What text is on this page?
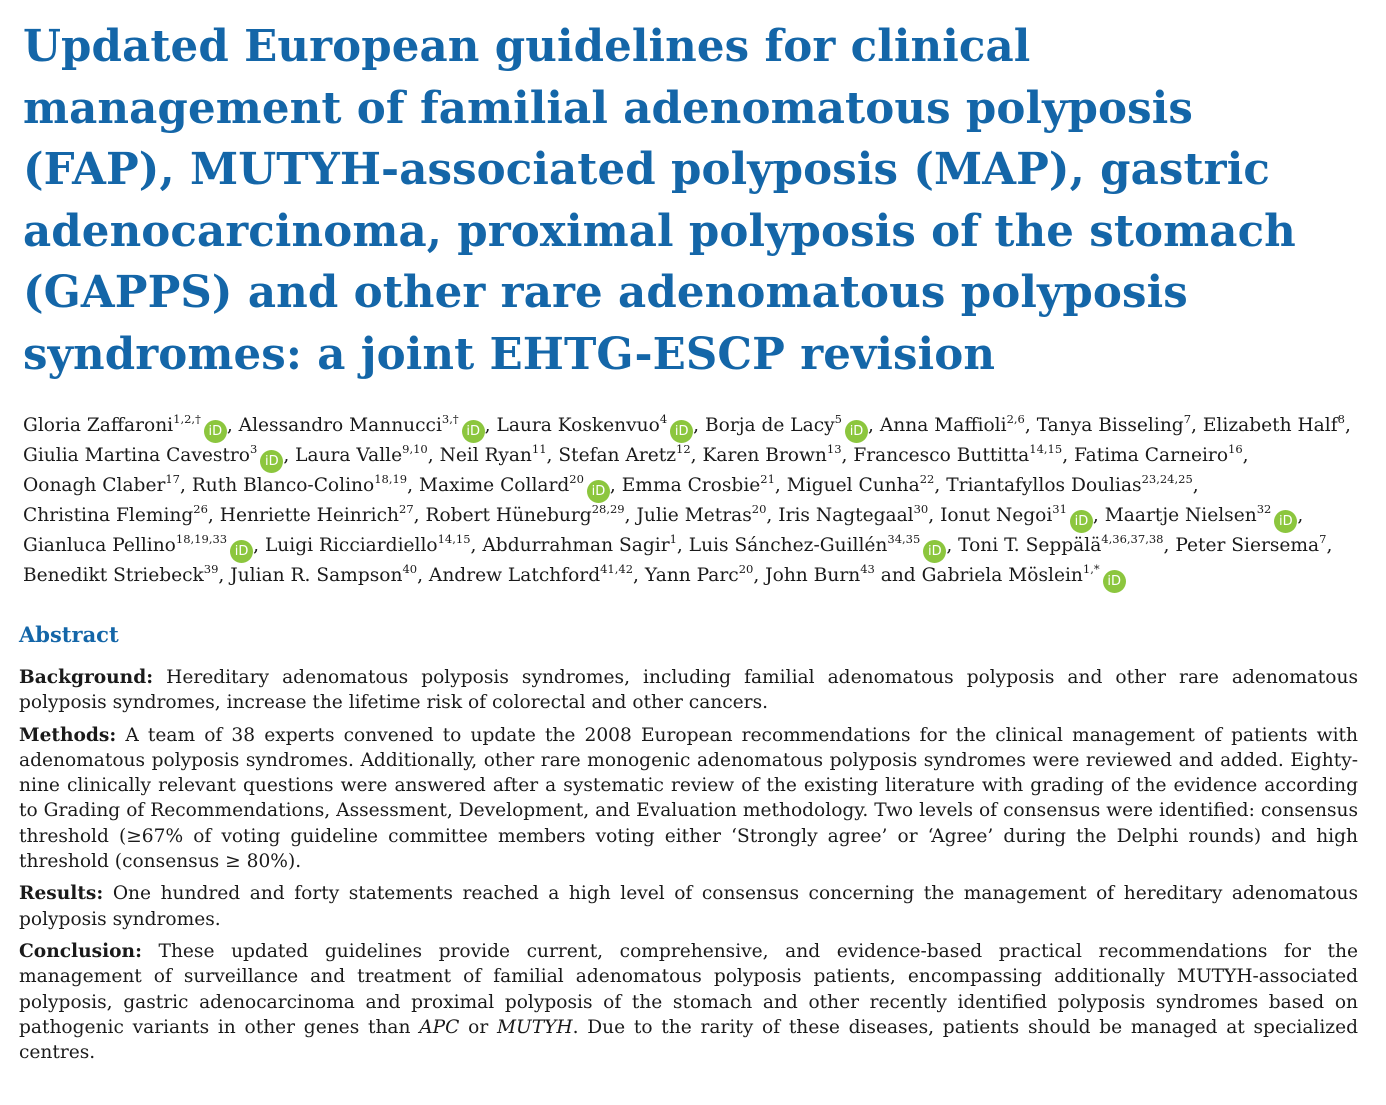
Updated European guidelines for clinical management of familial adenomatous polyposis (FAP), MUTYH-associated polyposis (MAP), gastric adenocarcinoma, proximal polyposis of the stomach (GAPPS) and other rare adenomatous polyposis syndromes: a joint EHTG-ESCP revision
Gloria Zaffaroni$^{1,2,\dagger}$iD , Alessandro Mannucci$^{3,\dagger}$iD , Laura Koskenvuo$^4$iD , Borja de Lacy$^5$iD , Anna Maffioli$^{2,6}$, Tanya Bisseling$^7$, Elizabeth Half$^8$, Giulia Martina Cavestro$^3$iD , Laura Valle$^{9,10}$, Neil Ryan$^{11}$, Stefan Aretz$^{12}$, Karen Brown$^{13}$, Francesco Buttitta$^{14,15}$, Fatima Carneiro$^{16}$, Oonagh Claber$^{17}$, Ruth Blanco-Colino$^{18,19}$, Maxime Collard$^{20}$iD , Emma Crosbie$^{21}$, Miguel Cunha$^{22}$, Triantafyllos Doulias$^{23,24,25}$, Christina Fleming$^{26}$, Henriette Heinrich$^{27}$, Robert Hüneburg$^{28,29}$, Julie Metras$^{20}$, Iris Nagtegaal$^{30}$, Ionut Negoi$^{31}$iD , Maartje Nielsen$^{32}$iD , Gianluca Pellino$^{18,19,33}$iD , Luigi Ricciardiello$^{14,15}$, Abdurrahman Sagir$^1$, Luis Sánchez-Guillén$^{34,35}$iD , Toni T. Seppälä$^{4,36,37,38}$, Peter Siersema$^7$, Benedikt Striebeck$^{39}$, Julian R. Sampson$^{40}$, Andrew Latchford$^{41,42}$, Yann Parc$^{20}$, John Burn$^{43}$ and Gabriela Möslein$^{1,*}$iD
Abstract

Background: Hereditary adenomatous polyposis syndromes, including familial adenomatous polyposis and other rare adenomatous polyposis syndromes, increase the lifetime risk of colorectal and other cancers.

Methods: A team of 38 experts convened to update the 2008 European recommendations for the clinical management of patients with adenomatous polyposis syndromes. Additionally, other rare monogenic adenomatous polyposis syndromes were reviewed and added. Eighty-nine clinically relevant questions were answered after a systematic review of the existing literature with grading of the evidence according to Grading of Recommendations, Assessment, Development, and Evaluation methodology. Two levels of consensus were identified: consensus threshold (≥67% of voting guideline committee members voting either ‘Strongly agree’ or ‘Agree’ during the Delphi rounds) and high threshold (consensus ≥ 80%).

Results: One hundred and forty statements reached a high level of consensus concerning the management of hereditary adenomatous polyposis syndromes.

Conclusion: These updated guidelines provide current, comprehensive, and evidence-based practical recommendations for the management of surveillance and treatment of familial adenomatous polyposis patients, encompassing additionally MUTYH-associated polyposis, gastric adenocarcinoma and proximal polyposis of the stomach and other recently identified polyposis syndromes based on pathogenic variants in other genes than APC or MUTYH. Due to the rarity of these diseases, patients should be managed at specialized centres.
